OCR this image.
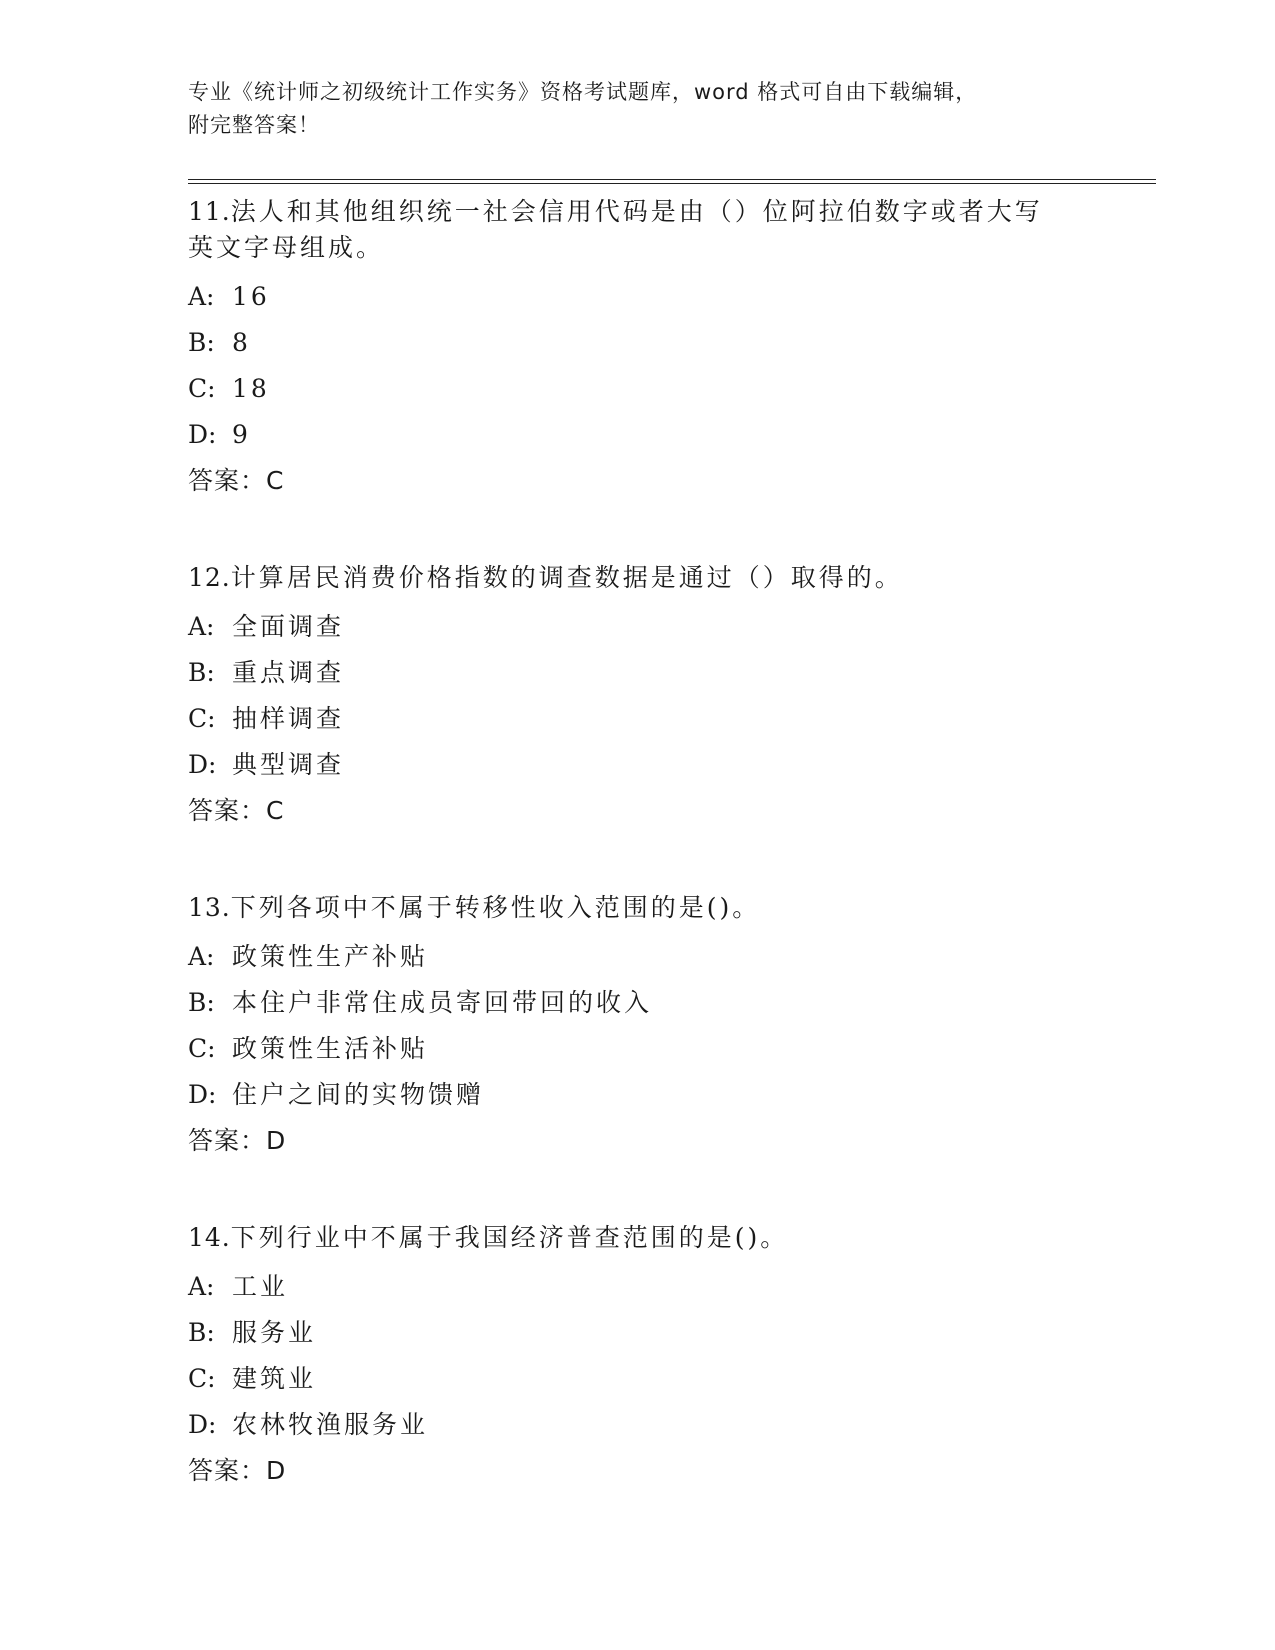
专业《统计师之初级统计工作实务》资格考试题库，word 格式可自由下载编辑，
附完整答案！
11.法人和其他组织统一社会信用代码是由（）位阿拉伯数字或者大写英文字母组成。
A: 16
B: 8
C: 18
D: 9
答案：C
12.计算居民消费价格指数的调查数据是通过（）取得的。
A: 全面调查
B: 重点调查
C: 抽样调查
D: 典型调查
答案：C
13.下列各项中不属于转移性收入范围的是()。
A: 政策性生产补贴
B: 本住户非常住成员寄回带回的收入
C: 政策性生活补贴
D: 住户之间的实物馈赠
答案：D
14.下列行业中不属于我国经济普查范围的是()。
A: 工业
B: 服务业
C: 建筑业
D: 农林牧渔服务业
答案：D
